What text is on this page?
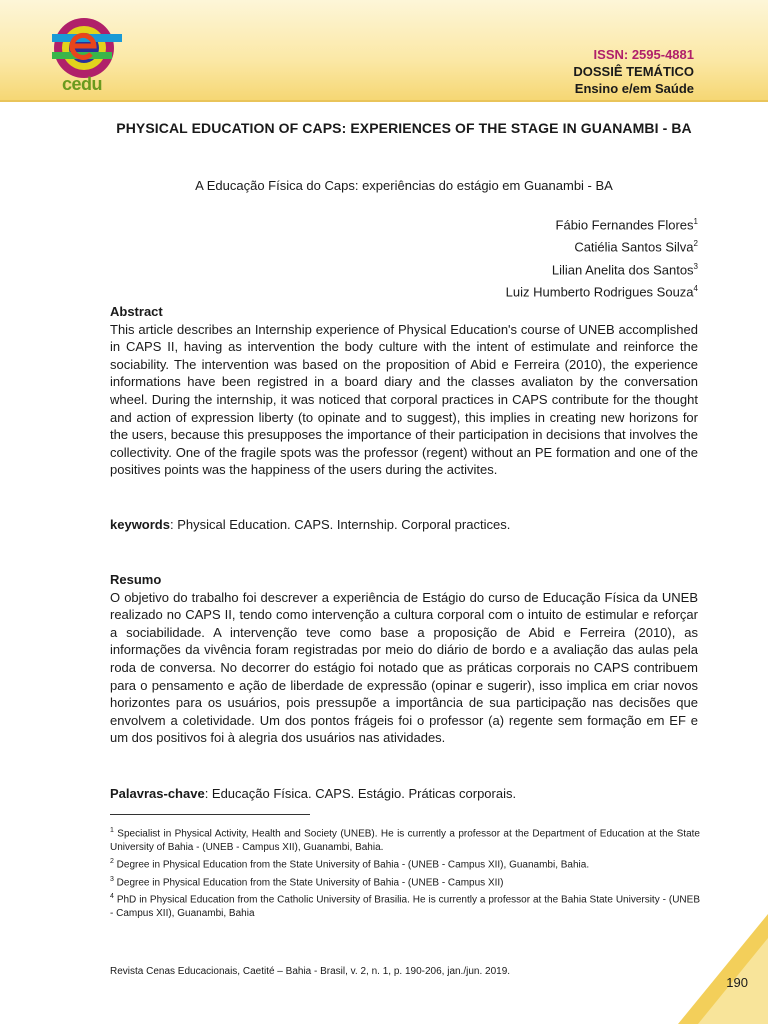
cedu
ISSN: 2595-4881
DOSSIÊ TEMÁTICO
Ensino e/em Saúde
PHYSICAL EDUCATION OF CAPS: EXPERIENCES OF THE STAGE IN GUANAMBI - BA
A Educação Física do Caps: experiências do estágio em Guanambi - BA
Fábio Fernandes Flores$^1$
Catiélia Santos Silva$^2$
Lilian Anelita dos Santos$^3$
Luiz Humberto Rodrigues Souza$^4$
Abstract

This article describes an Internship experience of Physical Education's course of UNEB accomplished in CAPS II, having as intervention the body culture with the intent of estimulate and reinforce the sociability. The intervention was based on the proposition of Abid e Ferreira (2010), the experience informations have been registred in a board diary and the classes avaliaton by the conversation wheel. During the internship, it was noticed that corporal practices in CAPS contribute for the thought and action of expression liberty (to opinate and to suggest), this implies in creating new horizons for the users, because this presupposes the importance of their participation in decisions that involves the collectivity. One of the fragile spots was the professor (regent) without an PE formation and one of the positives points was the happiness of the users during the activites.

keywords: Physical Education. CAPS. Internship. Corporal practices.
Resumo

O objetivo do trabalho foi descrever a experiência de Estágio do curso de Educação Física da UNEB realizado no CAPS II, tendo como intervenção a cultura corporal com o intuito de estimular e reforçar a sociabilidade. A intervenção teve como base a proposição de Abid e Ferreira (2010), as informações da vivência foram registradas por meio do diário de bordo e a avaliação das aulas pela roda de conversa. No decorrer do estágio foi notado que as práticas corporais no CAPS contribuem para o pensamento e ação de liberdade de expressão (opinar e sugerir), isso implica em criar novos horizontes para os usuários, pois pressupõe a importância de sua participação nas decisões que envolvem a coletividade. Um dos pontos frágeis foi o professor (a) regente sem formação em EF e um dos positivos foi à alegria dos usuários nas atividades.

Palavras-chave: Educação Física. CAPS. Estágio. Práticas corporais.

$^1$ Specialist in Physical Activity, Health and Society (UNEB). He is currently a professor at the Department of Education at the State University of Bahia - (UNEB - Campus XII), Guanambi, Bahia.

$^2$ Degree in Physical Education from the State University of Bahia - (UNEB - Campus XII), Guanambi, Bahia.

$^3$ Degree in Physical Education from the State University of Bahia - (UNEB - Campus XII)

$^4$ PhD in Physical Education from the Catholic University of Brasilia. He is currently a professor at the Bahia State University - (UNEB - Campus XII), Guanambi, Bahia

Revista Cenas Educacionais, Caetité – Bahia - Brasil, v. 2, n. 1, p. 190-206, jan./jun. 2019.
190
